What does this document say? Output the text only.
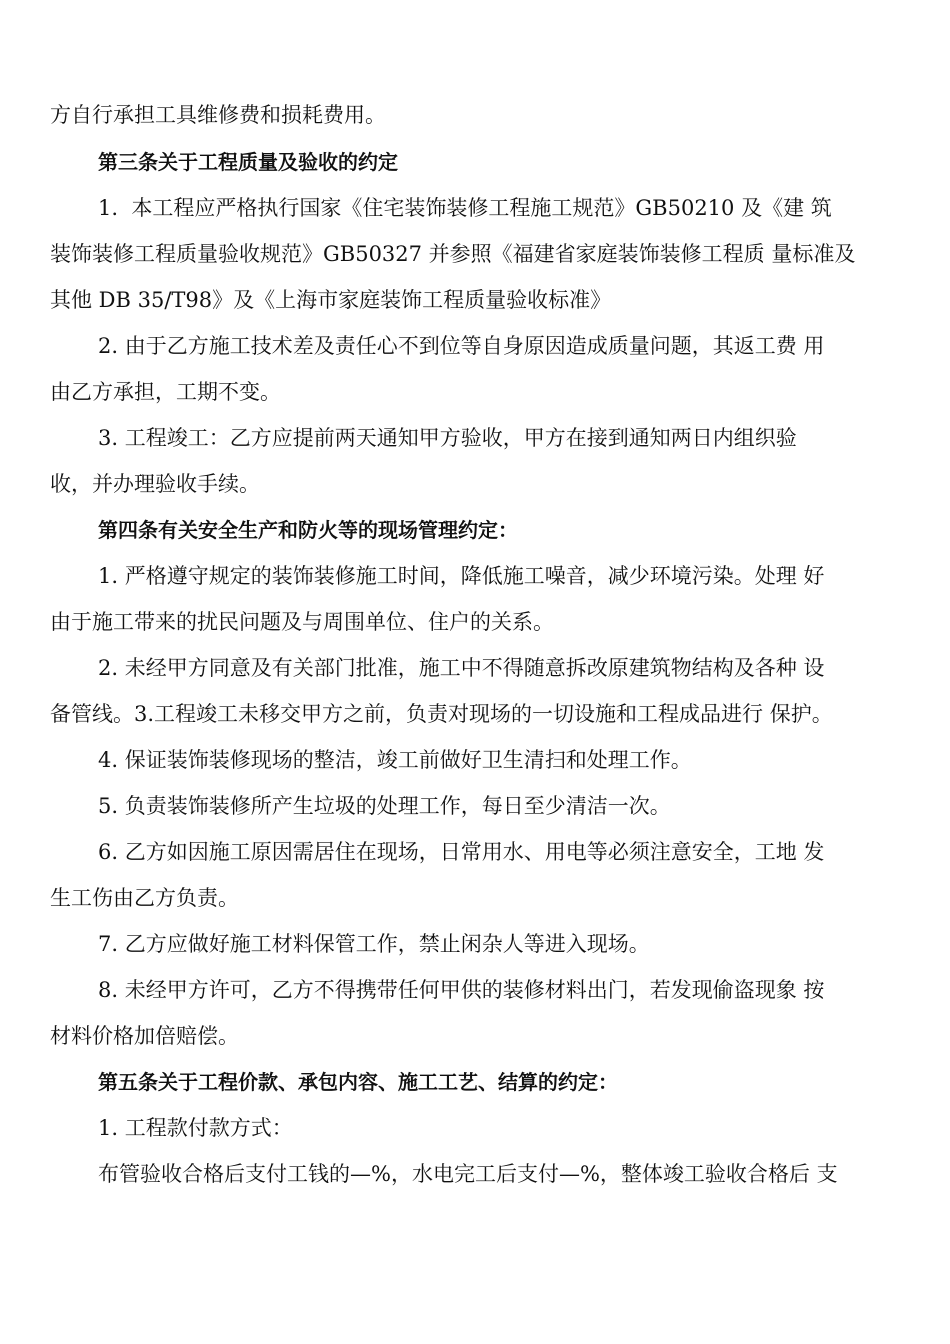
方自行承担工具维修费和损耗费用。

第三条关于工程质量及验收的约定

1.  本工程应严格执行国家《住宅装饰装修工程施工规范》GB50210 及《建 筑

装饰装修工程质量验收规范》GB50327 并参照《福建省家庭装饰装修工程质 量标准及

其他 DB 35/T98》及《上海市家庭装饰工程质量验收标准》

2. 由于乙方施工技术差及责任心不到位等自身原因造成质量问题，其返工费 用

由乙方承担，工期不变。

3. 工程竣工：乙方应提前两天通知甲方验收，甲方在接到通知两日内组织验

收，并办理验收手续。

第四条有关安全生产和防火等的现场管理约定：

1. 严格遵守规定的装饰装修施工时间，降低施工噪音，减少环境污染。处理 好

由于施工带来的扰民问题及与周围单位、住户的关系。

2. 未经甲方同意及有关部门批准，施工中不得随意拆改原建筑物结构及各种 设

备管线。3.工程竣工未移交甲方之前，负责对现场的一切设施和工程成品进行 保护。

4. 保证装饰装修现场的整洁，竣工前做好卫生清扫和处理工作。

5. 负责装饰装修所产生垃圾的处理工作，每日至少清洁一次。

6. 乙方如因施工原因需居住在现场，日常用水、用电等必须注意安全，工地 发

生工伤由乙方负责。

7. 乙方应做好施工材料保管工作，禁止闲杂人等进入现场。

8. 未经甲方许可，乙方不得携带任何甲供的装修材料出门，若发现偷盗现象 按

材料价格加倍赔偿。

第五条关于工程价款、承包内容、施工工艺、结算的约定：

1. 工程款付款方式：

布管验收合格后支付工钱的—%，水电完工后支付—%，整体竣工验收合格后 支
